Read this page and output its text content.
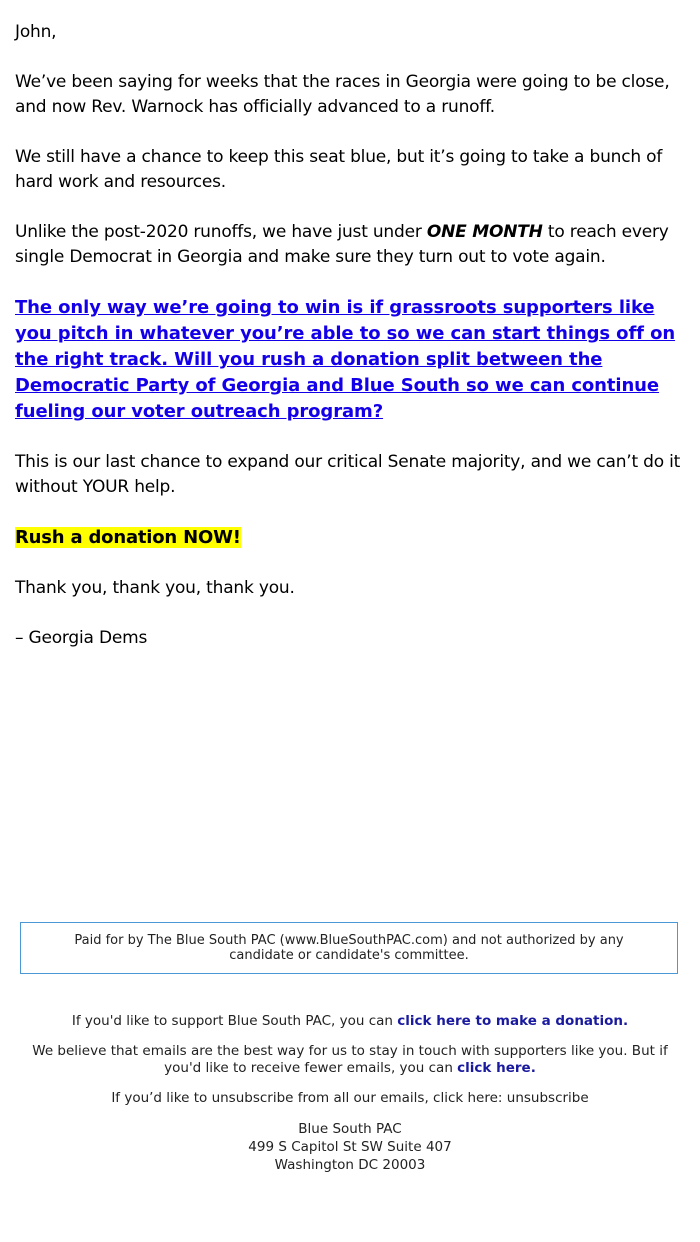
John,

We’ve been saying for weeks that the races in Georgia were going to be close, and now Rev. Warnock has officially advanced to a runoff.

We still have a chance to keep this seat blue, but it’s going to take a bunch of hard work and resources.

Unlike the post-2020 runoffs, we have just under ONE MONTH to reach every single Democrat in Georgia and make sure they turn out to vote again.

The only way we’re going to win is if grassroots supporters like you pitch in whatever you’re able to so we can start things off on the right track. Will you rush a donation split between the Democratic Party of Georgia and Blue South so we can continue fueling our voter outreach program?

This is our last chance to expand our critical Senate majority, and we can’t do it without YOUR help.

Rush a donation NOW!

Thank you, thank you, thank you.

– Georgia Dems

Paid for by The Blue South PAC (www.BlueSouthPAC.com) and not authorized by any candidate or candidate's committee.

If you'd like to support Blue South PAC, you can click here to make a donation.

We believe that emails are the best way for us to stay in touch with supporters like you. But if you'd like to receive fewer emails, you can click here.

If you’d like to unsubscribe from all our emails, click here: unsubscribe

Blue South PAC
499 S Capitol St SW Suite 407
Washington DC 20003
